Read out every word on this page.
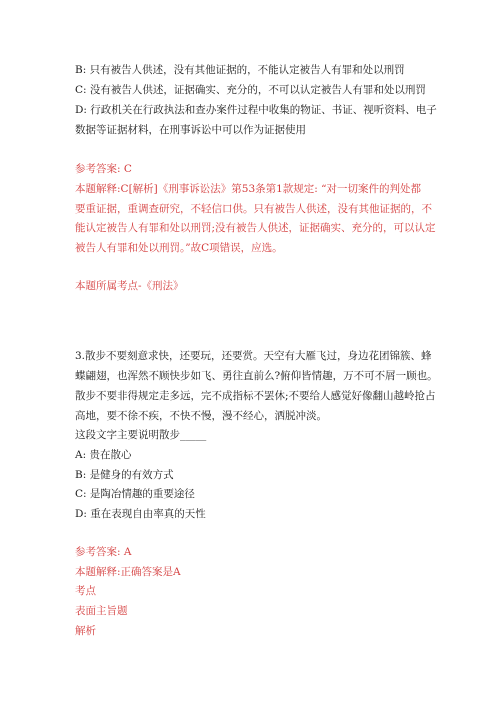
B: 只有被告人供述，没有其他证据的，不能认定被告人有罪和处以刑罚
C: 没有被告人供述，证据确实、充分的，不可以认定被告人有罪和处以刑罚
D: 行政机关在行政执法和查办案件过程中收集的物证、书证、视听资料、电子
数据等证据材料，在刑事诉讼中可以作为证据使用
参考答案: C
本题解释:C[解析]《刑事诉讼法》第53条第1款规定: “对一切案件的判处都
要重证据，重调查研究，不轻信口供。只有被告人供述，没有其他证据的，不
能认定被告人有罪和处以刑罚;没有被告人供述，证据确实、充分的，可以认定
被告人有罪和处以刑罚。”故C项错误，应选。
本题所属考点-《刑法》
3.散步不要刻意求快，还要玩，还要赏。天空有大雁飞过，身边花团锦簇、蜂
蝶翩翅，也浑然不顾快步如飞、勇往直前么?俯仰皆情趣，万不可不屑一顾也。
散步不要非得规定走多远，完不成指标不罢休;不要给人感觉好像翻山越岭抢占
高地，要不徐不疾，不快不慢，漫不经心，洒脱冲淡。
这段文字主要说明散步_____
A: 贵在散心
B: 是健身的有效方式
C: 是陶冶情趣的重要途径
D: 重在表现自由率真的天性
参考答案: A
本题解释:正确答案是A
考点
表面主旨题
解析
